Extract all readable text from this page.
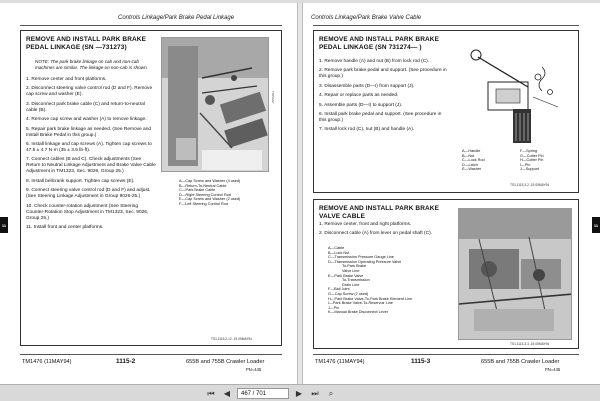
Controls Linkage/Park Brake Pedal Linkage
REMOVE AND INSTALL PARK BRAKE
PEDAL LINKAGE (SN —731273)
NOTE: The park brake linkage on cab and non-cab machines are similar. The linkage on non-cab is shown.
1. Remove center and front platforms.
2. Disconnect steering valve control rod (D and F). Remove cap screw and washer (E).
3. Disconnect park brake cable (C) and return-to-neutral cable (B).
4. Remove cap screw and washer (A) to remove linkage.
5. Repair park brake linkage as needed. (See Remove and Install Brake Pedal in this group.)
6. Install linkage and cap screws (A). Tighten cap screws to 47.5 ± 4.7 N·m (35 ± 3.5 lb-ft).
7. Connect cables (B and C). Check adjustments (See Return to Neutral Linkage Adjustment and Brake Valve Cable Adjustment in TM1323, Sec. 9026, Group 25.)
8. Install bellcrank support. Tighten cap screws (E).
9. Connect steering valve control rod (D and F) and adjust. (See Steering Linkage Adjustment in Group 9026-25.)
10. Check counter-rotation adjustment (See Steering Counter-Rotation Stop Adjustment in TM1323, Sec. 9026, Group 25.)
11. Install front and center platforms.
T8454AP
A—Cap Screw and Washer (4 used)
B—Return-To-Neutral Cable
C—Park Brake Cable
D—Right Steering Control Rod
E—Cap Screw and Washer (2 used)
F—Left Steering Control Rod
TS1,1115,2-12 -19-05MAY94
TM1476 (11MAY94)	1115-2	655B and 755B Crawler Loader
PN=445
11
Controls Linkage/Park Brake Valve Cable
REMOVE AND INSTALL PARK BRAKE
PEDAL LINKAGE (SN 731274— )
1. Remove handle (A) and nut (B) from lock rod (C).
2. Remove park brake pedal and support. (See procedure in this group.)
3. Disassemble parts (D—I) from support (J).
4. Repair or replace parts as needed.
5. Assemble parts (D—I) to support (J).
6. Install park brake pedal and support. (See procedure in this group.)
7. Install lock rod (C), nut (B) and handle (A).
A—Handle	F—Spring
B—Nut	G—Cotter Pin
C—Lock Rod	H—Cotter Pin
D—Latch	I—Pin
E—Washer	J—Support
TS1,1115,3-2 -19-05MAY94
REMOVE AND INSTALL PARK BRAKE
VALVE CABLE
1. Remove center, front and right platforms.
2. Disconnect cable (A) from lever on pedal shaft (C).
A—Cable
B—Lock Nut
C—Transmission Pressure Gauge Line
D—Transmission Operating Pressure Valve
To-Park Brake
Valve Line
E—Park Brake Valve
To-Transmission
Drain Line
F—Ball Joint
G—Cap Screw (2 used)
H—Park Brake Valve-To-Park Brake Element Line
I—Park Brake Valve-To-Reservoir Line
J—Pin
K—Manual Brake Disconnect Lever
TS1,1115,3-3 -19-05MAY94
TM1476 (11MAY94)	1115-3	655B and 755B Crawler Loader
PN=445
11
⏮	◀	467 / 701	▶	⏭	⌕
